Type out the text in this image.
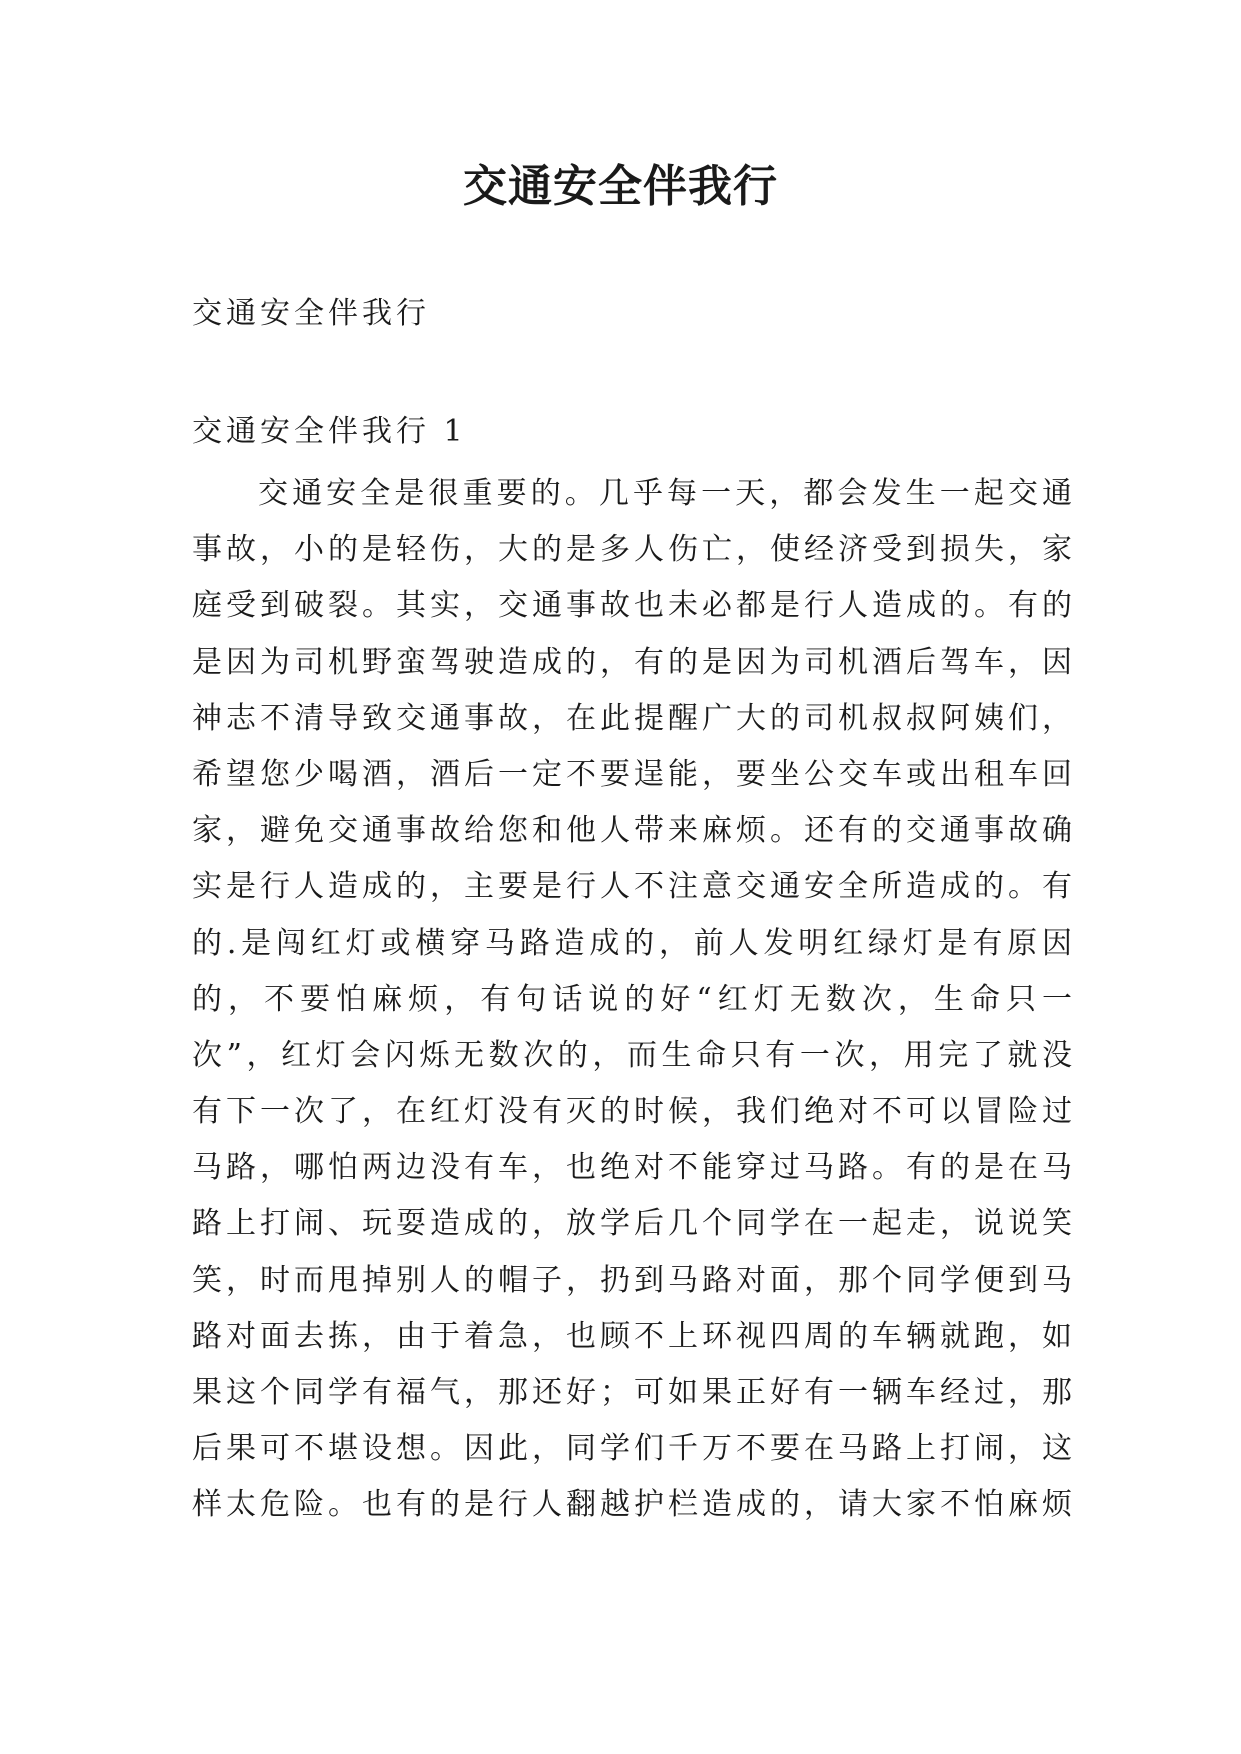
交通安全伴我行

交通安全伴我行

交通安全伴我行 1

交通安全是很重要的。几乎每一天，都会发生一起交通
事故，小的是轻伤，大的是多人伤亡，使经济受到损失，家
庭受到破裂。其实，交通事故也未必都是行人造成的。有的
是因为司机野蛮驾驶造成的，有的是因为司机酒后驾车，因
神志不清导致交通事故，在此提醒广大的司机叔叔阿姨们，
希望您少喝酒，酒后一定不要逞能，要坐公交车或出租车回
家，避免交通事故给您和他人带来麻烦。还有的交通事故确
实是行人造成的，主要是行人不注意交通安全所造成的。有
的.是闯红灯或横穿马路造成的，前人发明红绿灯是有原因
的，不要怕麻烦，有句话说的好“红灯无数次，生命只一
次”，红灯会闪烁无数次的，而生命只有一次，用完了就没
有下一次了，在红灯没有灭的时候，我们绝对不可以冒险过
马路，哪怕两边没有车，也绝对不能穿过马路。有的是在马
路上打闹、玩耍造成的，放学后几个同学在一起走，说说笑
笑，时而甩掉别人的帽子，扔到马路对面，那个同学便到马
路对面去拣，由于着急，也顾不上环视四周的车辆就跑，如
果这个同学有福气，那还好；可如果正好有一辆车经过，那
后果可不堪设想。因此，同学们千万不要在马路上打闹，这
样太危险。也有的是行人翻越护栏造成的，请大家不怕麻烦
